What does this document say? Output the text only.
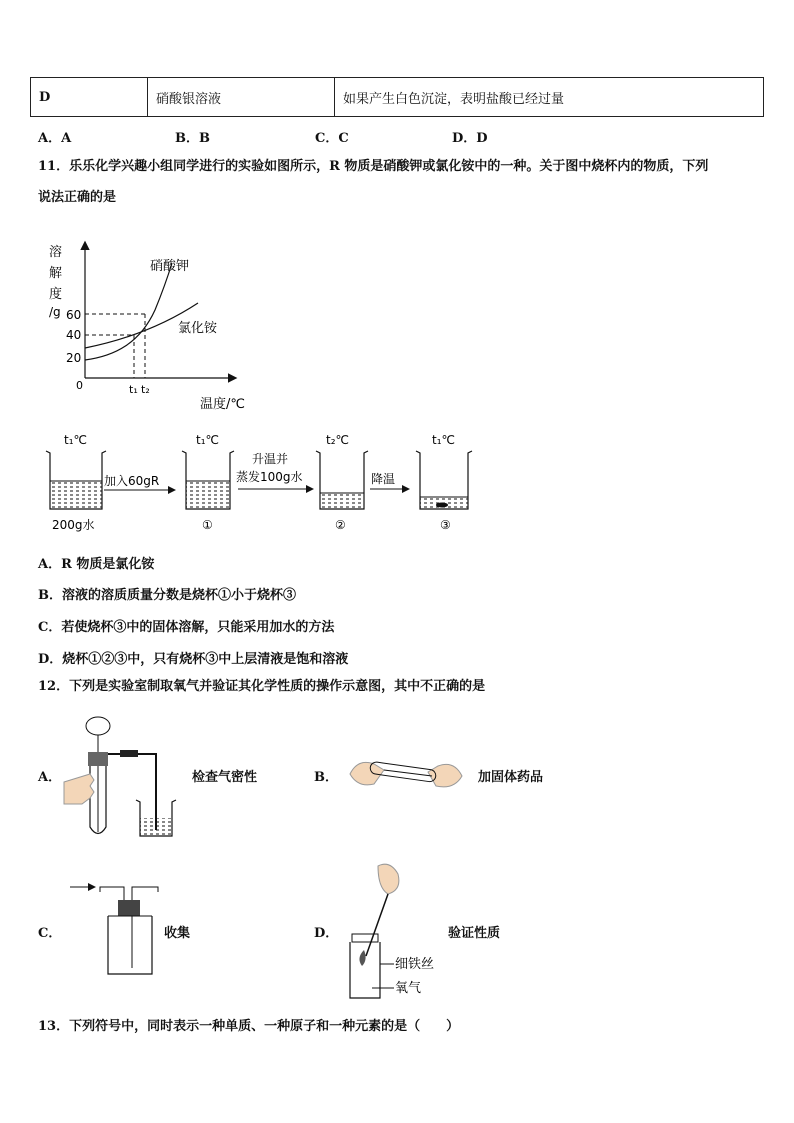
D	硝酸银溶液	如果产生白色沉淀，表明盐酸已经过量
A．A	B．B	C．C	D．D
11．乐乐化学兴趣小组同学进行的实验如图所示，R 物质是硝酸钾或氯化铵中的一种。关于图中烧杯内的物质，下列
说法正确的是
溶
解
度
/g 60
40
20
0
硝酸钾
氯化铵
t₁ t₂
温度/℃
t₁℃
200g水
加入60gR
t₁℃
①
升温并
蒸发100g水
t₂℃
②
降温
t₁℃
③
A．R 物质是氯化铵
B．溶液的溶质质量分数是烧杯①小于烧杯③
C．若使烧杯③中的固体溶解，只能采用加水的方法
D．烧杯①②③中，只有烧杯③中上层清液是饱和溶液
12．下列是实验室制取氧气并验证其化学性质的操作示意图，其中不正确的是
A．	检查气密性	B．	加固体药品
C．	收集	D．
细铁丝
氧气
验证性质
13．下列符号中，同时表示一种单质、一种原子和一种元素的是（　　）
